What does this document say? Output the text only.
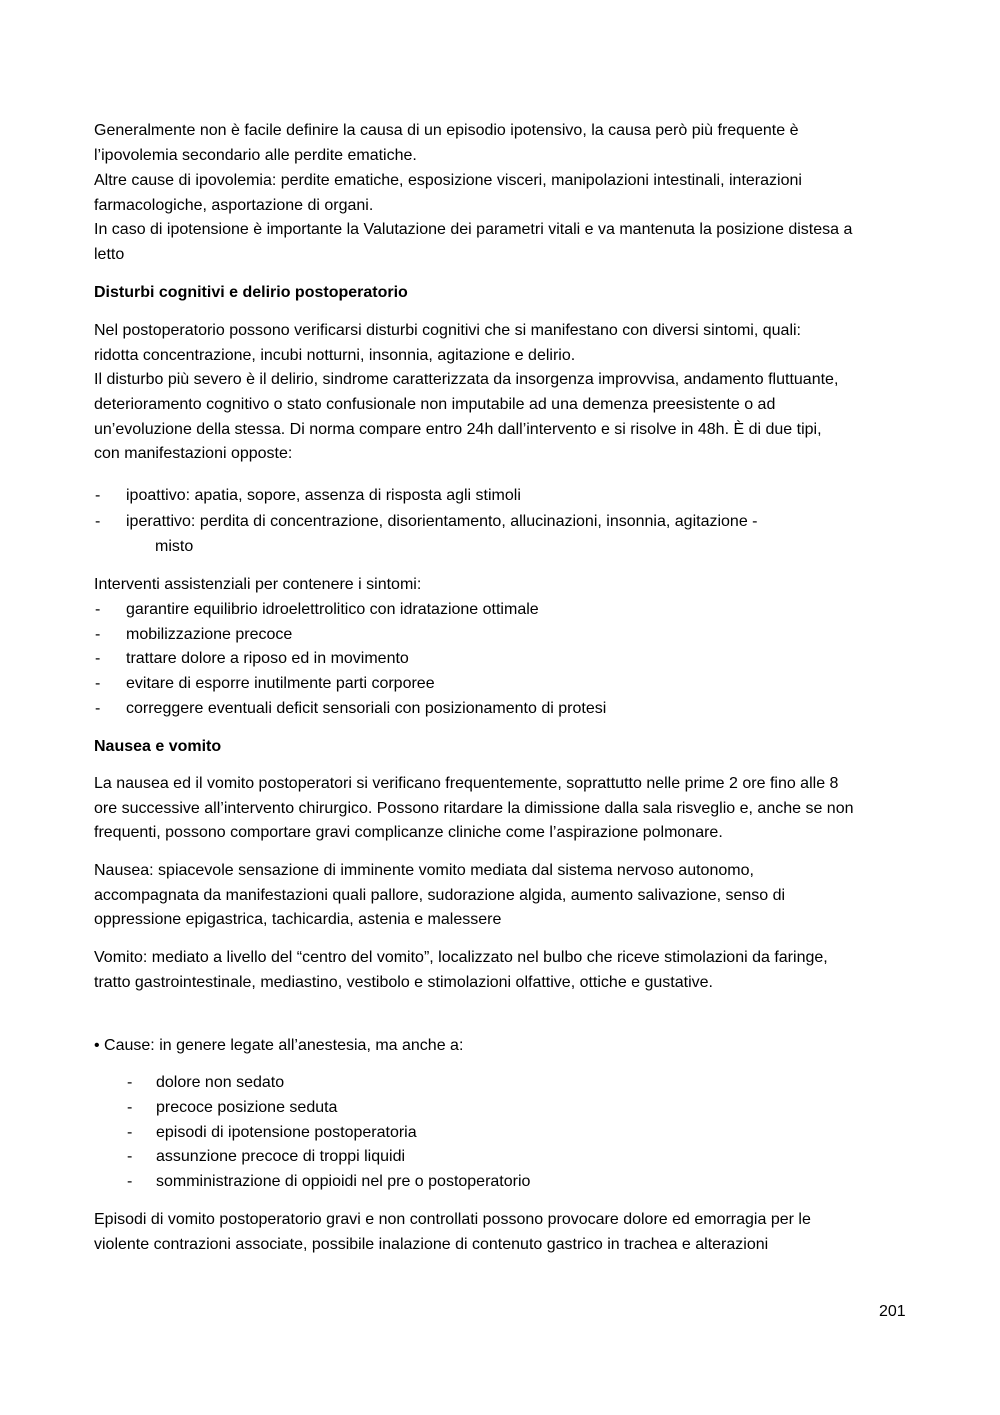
Generalmente non è facile definire la causa di un episodio ipotensivo, la causa però più frequente è
l’ipovolemia secondario alle perdite ematiche.
Altre cause di ipovolemia: perdite ematiche, esposizione visceri, manipolazioni intestinali, interazioni
farmacologiche, asportazione di organi.
In caso di ipotensione è importante la Valutazione dei parametri vitali e va mantenuta la posizione distesa a
letto
Disturbi cognitivi e delirio postoperatorio
Nel postoperatorio possono verificarsi disturbi cognitivi che si manifestano con diversi sintomi, quali:
ridotta concentrazione, incubi notturni, insonnia, agitazione e delirio.
Il disturbo più severo è il delirio, sindrome caratterizzata da insorgenza improvvisa, andamento fluttuante,
deterioramento cognitivo o stato confusionale non imputabile ad una demenza preesistente o ad
un’evoluzione della stessa. Di norma compare entro 24h dall’intervento e si risolve in 48h. È di due tipi,
con manifestazioni opposte:
- ipoattivo: apatia, sopore, assenza di risposta agli stimoli
- iperattivo: perdita di concentrazione, disorientamento, allucinazioni, insonnia, agitazione -
misto
Interventi assistenziali per contenere i sintomi:
- garantire equilibrio idroelettrolitico con idratazione ottimale
- mobilizzazione precoce
- trattare dolore a riposo ed in movimento
- evitare di esporre inutilmente parti corporee
- correggere eventuali deficit sensoriali con posizionamento di protesi
Nausea e vomito
La nausea ed il vomito postoperatori si verificano frequentemente, soprattutto nelle prime 2 ore fino alle 8
ore successive all’intervento chirurgico. Possono ritardare la dimissione dalla sala risveglio e, anche se non
frequenti, possono comportare gravi complicanze cliniche come l’aspirazione polmonare.
Nausea: spiacevole sensazione di imminente vomito mediata dal sistema nervoso autonomo,
accompagnata da manifestazioni quali pallore, sudorazione algida, aumento salivazione, senso di
oppressione epigastrica, tachicardia, astenia e malessere
Vomito: mediato a livello del “centro del vomito”, localizzato nel bulbo che riceve stimolazioni da faringe,
tratto gastrointestinale, mediastino, vestibolo e stimolazioni olfattive, ottiche e gustative.
• Cause: in genere legate all’anestesia, ma anche a:
- dolore non sedato
- precoce posizione seduta
- episodi di ipotensione postoperatoria
- assunzione precoce di troppi liquidi
- somministrazione di oppioidi nel pre o postoperatorio
Episodi di vomito postoperatorio gravi e non controllati possono provocare dolore ed emorragia per le
violente contrazioni associate, possibile inalazione di contenuto gastrico in trachea e alterazioni
201
